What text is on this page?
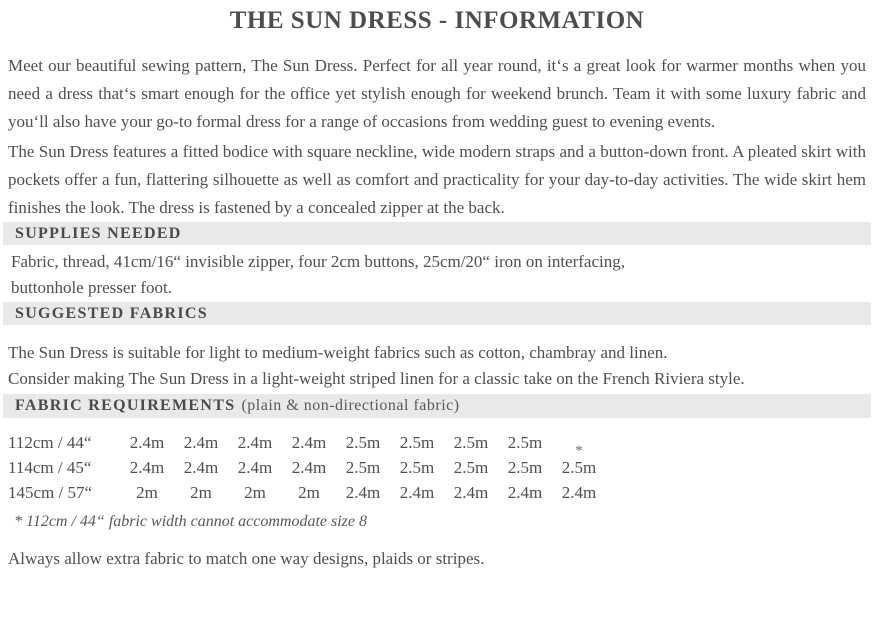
THE SUN DRESS - INFORMATION

Meet our beautiful sewing pattern, The Sun Dress. Perfect for all year round, it‘s a great look for warmer months when you need a dress that‘s smart enough for the office yet stylish enough for weekend brunch. Team it with some luxury fabric and you‘ll also have your go-to formal dress for a range of occasions from wedding guest to evening events.

The Sun Dress features a fitted bodice with square neckline, wide modern straps and a button-down front. A pleated skirt with pockets offer a fun, flattering silhouette as well as comfort and practicality for your day-to-day activities. The wide skirt hem finishes the look. The dress is fastened by a concealed zipper at the back.

SUPPLIES NEEDED
Fabric, thread, 41cm/16“ invisible zipper, four 2cm buttons, 25cm/20“ iron on interfacing,
buttonhole presser foot.
SUGGESTED FABRICS
The Sun Dress is suitable for light to medium-weight fabrics such as cotton, chambray and linen.
Consider making The Sun Dress in a light-weight striped linen for a classic take on the French Riviera style.
FABRIC REQUIREMENTS (plain & non-directional fabric)
112cm / 44“	2.4m	2.4m	2.4m	2.4m	2.5m	2.5m	2.5m	2.5m	*
114cm / 45“	2.4m	2.4m	2.4m	2.4m	2.5m	2.5m	2.5m	2.5m	2.5m
145cm / 57“	2m	2m	2m	2m	2.4m	2.4m	2.4m	2.4m	2.4m
* 112cm / 44“ fabric width cannot accommodate size 8
Always allow extra fabric to match one way designs, plaids or stripes.
